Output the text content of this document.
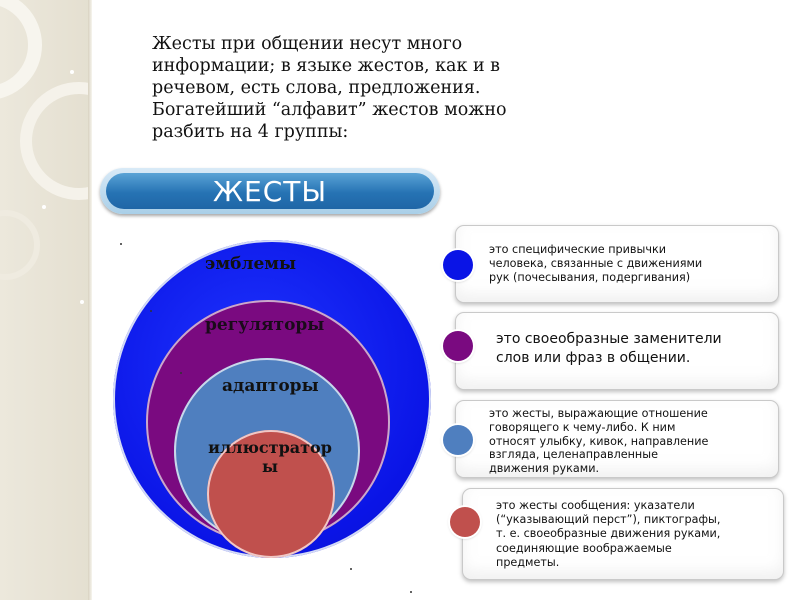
Жесты при общении несут много
информации; в языке жестов, как и в
речевом, есть слова, предложения.
Богатейший “алфавит” жестов можно
разбить на 4 группы:
ЖЕСТЫ
эмблемы
регуляторы
адапторы
иллюстратор
ы
это специфические привычки
человека, связанные с движениями
рук (почесывания, подергивания)
это своеобразные заменители
слов или фраз в общении.
это жесты, выражающие отношение
говорящего к чему-либо. К ним
относят улыбку, кивок, направление
взгляда, целенаправленные
движения руками.
это жесты сообщения: указатели
(“указывающий перст”), пиктографы,
т. е. своеобразные движения руками,
соединяющие воображаемые
предметы.
